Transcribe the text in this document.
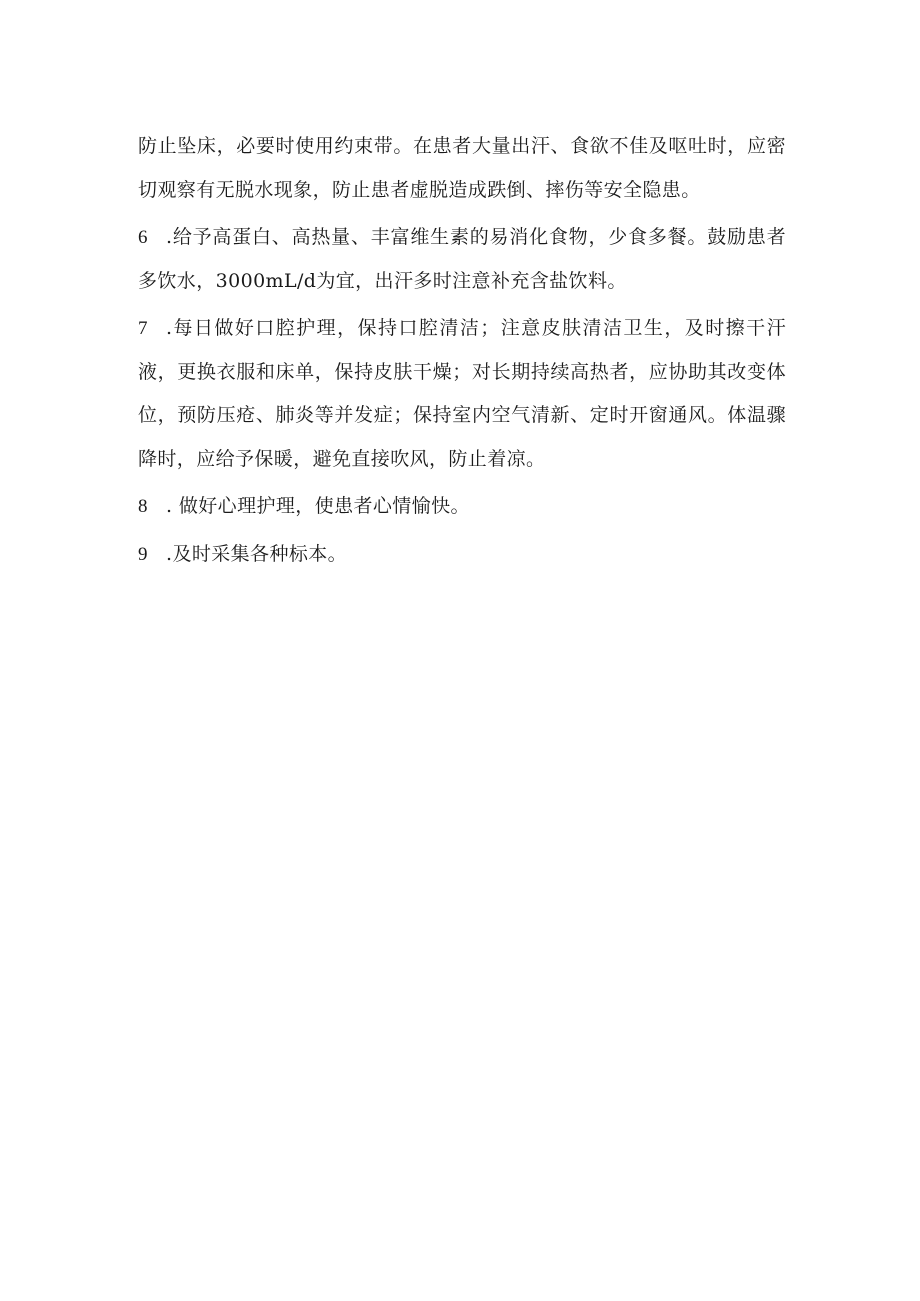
防止坠床，必要时使用约束带。在患者大量出汗、食欲不佳及呕吐时，应密切观察有无脱水现象，防止患者虚脱造成跌倒、摔伤等安全隐患。

6 .给予高蛋白、高热量、丰富维生素的易消化食物，少食多餐。鼓励患者多饮水，3000mL/d为宜，出汗多时注意补充含盐饮料。

7 .每日做好口腔护理，保持口腔清洁；注意皮肤清洁卫生，及时擦干汗液，更换衣服和床单，保持皮肤干燥；对长期持续高热者，应协助其改变体位，预防压疮、肺炎等并发症；保持室内空气清新、定时开窗通风。体温骤降时，应给予保暖，避免直接吹风，防止着凉。

8 . 做好心理护理，使患者心情愉快。

9 .及时采集各种标本。
